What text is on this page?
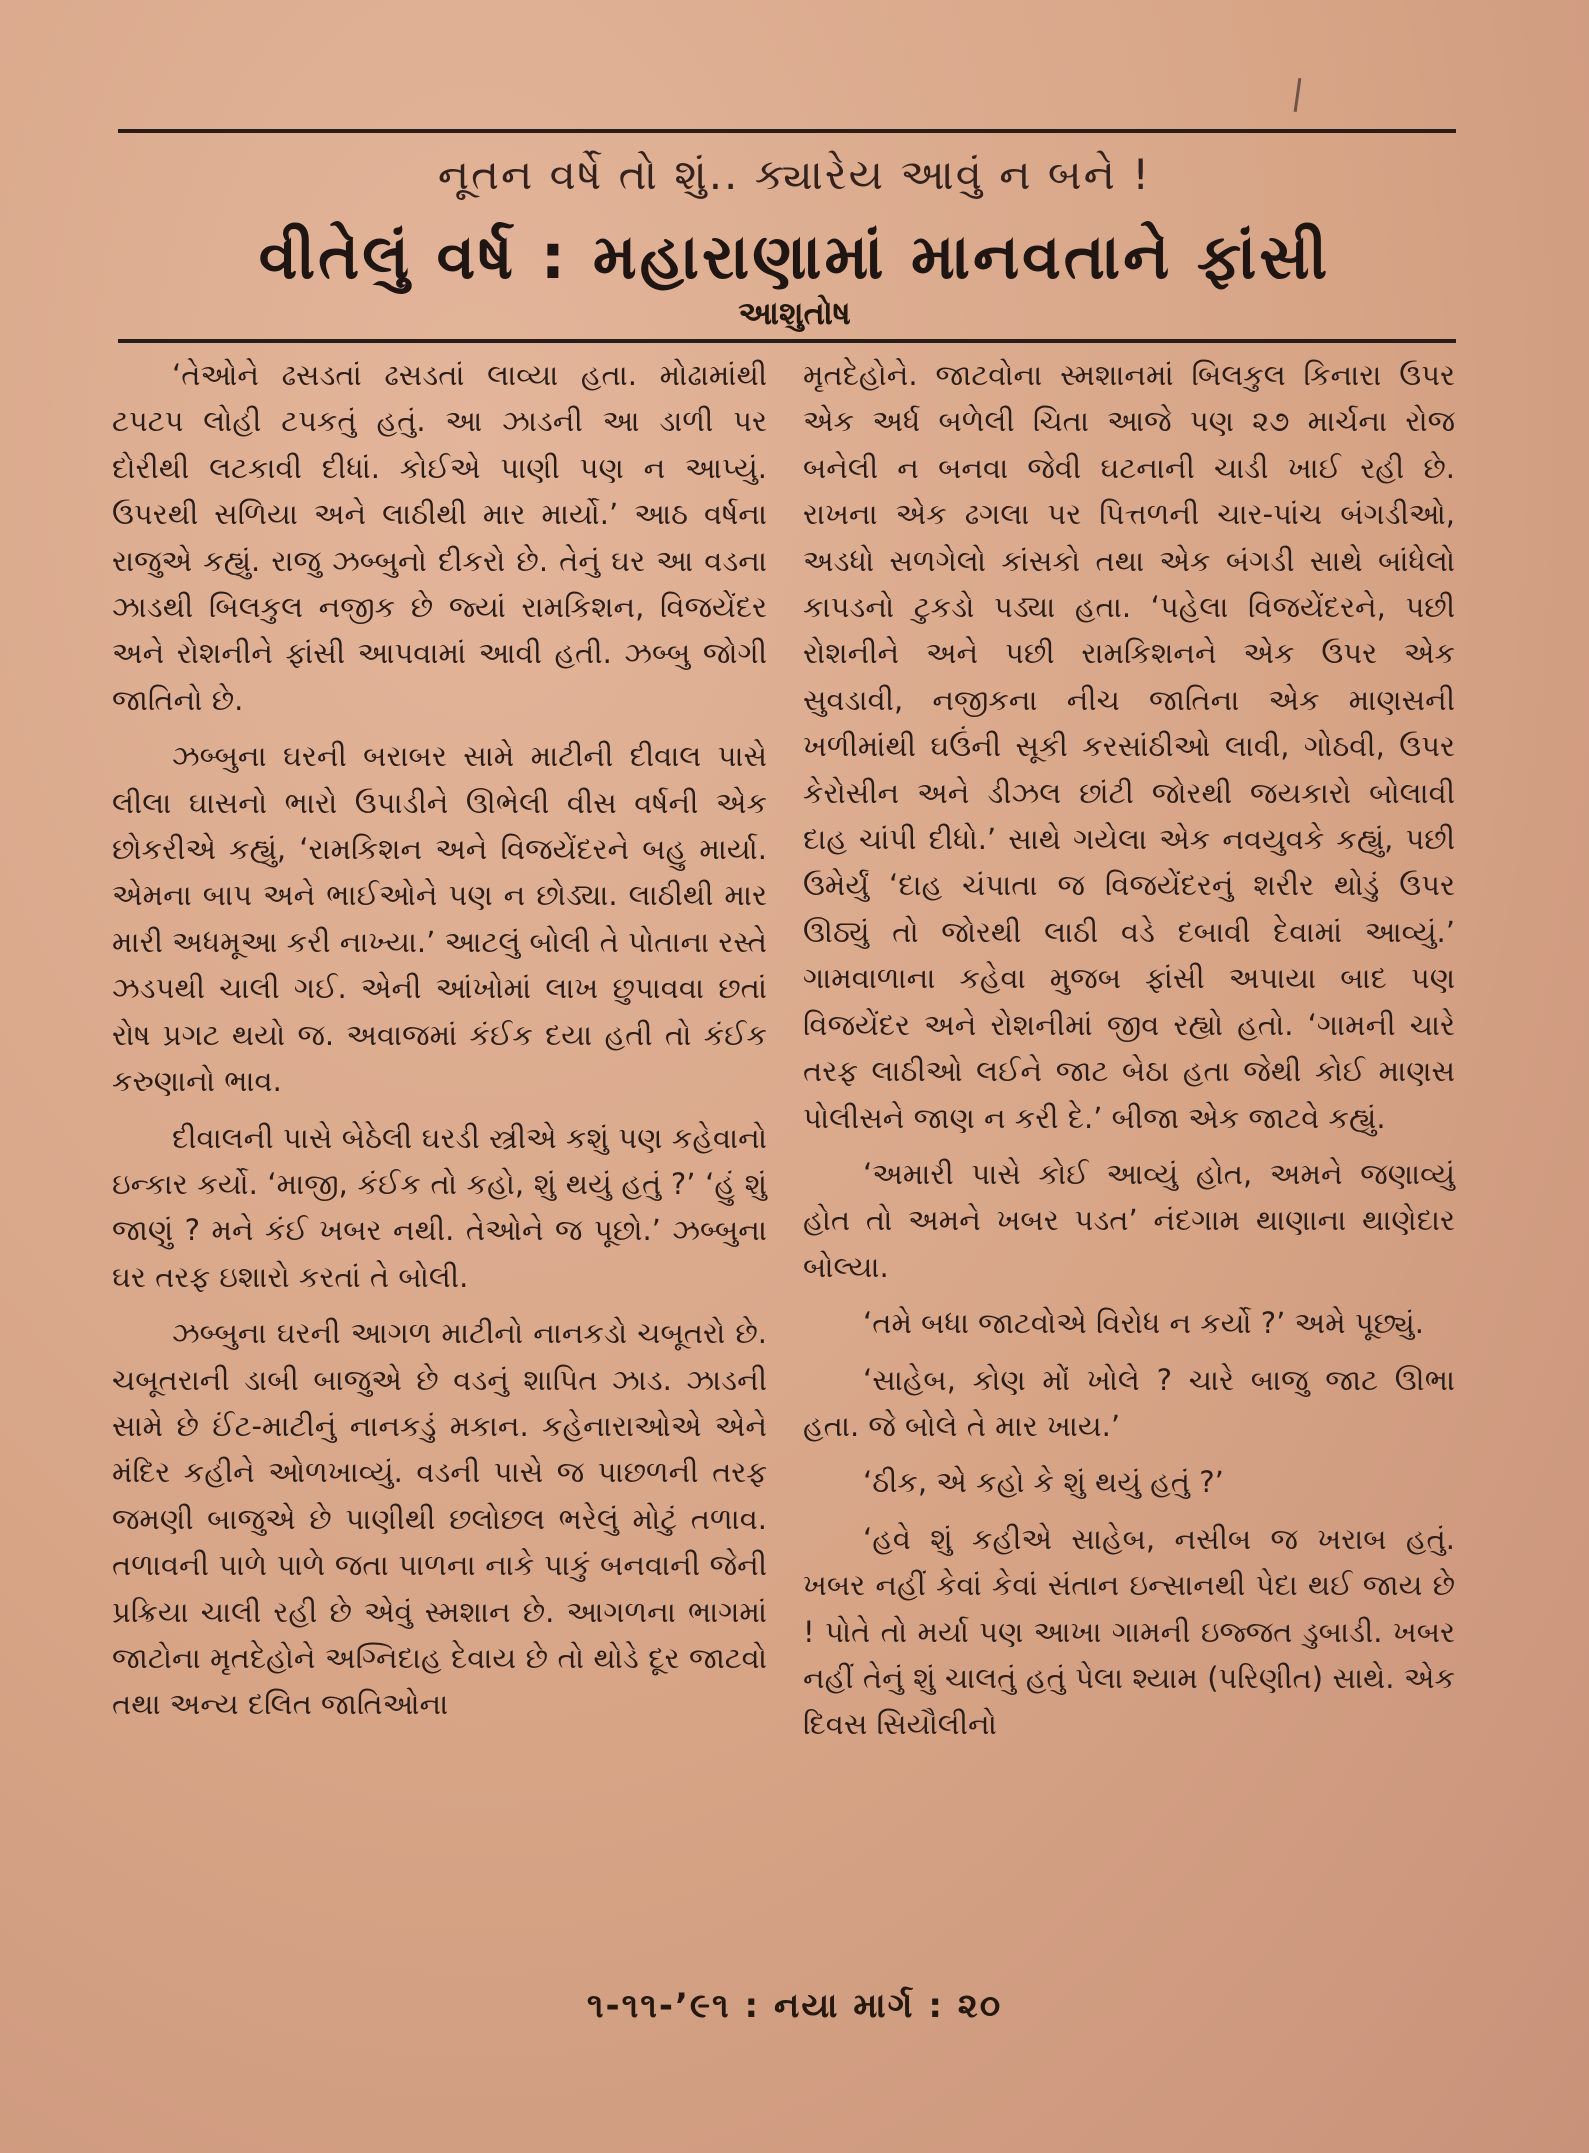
નૂતન વર્ષે તો શું.. ક્યારેય આવું ન બને !
વીતેલું વર્ષ : મહારાણામાં માનવતાને ફાંસી
આશુતોષ

‘તેઓને ઢસડતાં ઢસડતાં લાવ્યા હતા. મોઢામાંથી ટપટપ લોહી ટપકતું હતું. આ ઝાડની આ ડાળી પર દોરીથી લટકાવી દીધાં. કોઈએ પાણી પણ ન આપ્યું. ઉપરથી સળિયા અને લાઠીથી માર માર્યો.’ આઠ વર્ષના રાજુએ કહ્યું. રાજુ ઝબ્બુનો દીકરો છે. તેનું ઘર આ વડના ઝાડથી બિલકુલ નજીક છે જ્યાં રામકિશન, વિજયેંદર અને રોશનીને ફાંસી આપવામાં આવી હતી. ઝબ્બુ જોગી જાતિનો છે.

ઝબ્બુના ઘરની બરાબર સામે માટીની દીવાલ પાસે લીલા ઘાસનો ભારો ઉપાડીને ઊભેલી વીસ વર્ષની એક છોકરીએ કહ્યું, ‘રામકિશન અને વિજયેંદરને બહુ માર્યા. એમના બાપ અને ભાઈઓને પણ ન છોડ્યા. લાઠીથી માર મારી અધમૂઆ કરી નાખ્યા.’ આટલું બોલી તે પોતાના રસ્તે ઝડપથી ચાલી ગઈ. એની આંખોમાં લાખ છુપાવવા છતાં રોષ પ્રગટ થયો જ. અવાજમાં કંઈક દયા હતી તો કંઈક કરુણાનો ભાવ.

દીવાલની પાસે બેઠેલી ઘરડી સ્ત્રીએ કશું પણ કહેવાનો ઇન્કાર કર્યો. ‘માજી, કંઈક તો કહો, શું થયું હતું ?’ ‘હું શું જાણું ? મને કંઈ ખબર નથી. તેઓને જ પૂછો.’ ઝબ્બુના ઘર તરફ ઇશારો કરતાં તે બોલી.

ઝબ્બુના ઘરની આગળ માટીનો નાનકડો ચબૂતરો છે. ચબૂતરાની ડાબી બાજુએ છે વડનું શાપિત ઝાડ. ઝાડની સામે છે ઈંટ-માટીનું નાનકડું મકાન. કહેનારાઓએ એને મંદિર કહીને ઓળખાવ્યું. વડની પાસે જ પાછળની તરફ જમણી બાજુએ છે પાણીથી છલોછલ ભરેલું મોટું તળાવ. તળાવની પાળે પાળે જતા પાળના નાકે પાકું બનવાની જેની પ્રક્રિયા ચાલી રહી છે એવું સ્મશાન છે. આગળના ભાગમાં જાટોના મૃતદેહોને અગ્નિદાહ દેવાય છે તો થોડે દૂર જાટવો તથા અન્ય દલિત જાતિઓના

મૃતદેહોને. જાટવોના સ્મશાનમાં બિલકુલ કિનારા ઉપર એક અર્ધ બળેલી ચિતા આજે પણ ૨૭ માર્ચના રોજ બનેલી ન બનવા જેવી ઘટનાની ચાડી ખાઈ રહી છે. રાખના એક ઢગલા પર પિત્તળની ચાર-પાંચ બંગડીઓ, અડધો સળગેલો કાંસકો તથા એક બંગડી સાથે બાંધેલો કાપડનો ટુકડો પડ્યા હતા. ‘પહેલા વિજયેંદરને, પછી રોશનીને અને પછી રામકિશનને એક ઉપર એક સુવડાવી, નજીકના નીચ જાતિના એક માણસની ખળીમાંથી ઘઉંની સૂકી કરસાંઠીઓ લાવી, ગોઠવી, ઉપર કેરોસીન અને ડીઝલ છાંટી જોરથી જયકારો બોલાવી દાહ ચાંપી દીધો.’ સાથે ગયેલા એક નવયુવકે કહ્યું, પછી ઉમેર્યું ‘દાહ ચંપાતા જ વિજયેંદરનું શરીર થોડું ઉપર ઊઠ્યું તો જોરથી લાઠી વડે દબાવી દેવામાં આવ્યું.’ ગામવાળાના કહેવા મુજબ ફાંસી અપાયા બાદ પણ વિજયેંદર અને રોશનીમાં જીવ રહ્યો હતો. ‘ગામની ચારે તરફ લાઠીઓ લઈને જાટ બેઠા હતા જેથી કોઈ માણસ પોલીસને જાણ ન કરી દે.’ બીજા એક જાટવે કહ્યું.

‘અમારી પાસે કોઈ આવ્યું હોત, અમને જણાવ્યું હોત તો અમને ખબર પડત’ નંદગામ થાણાના થાણેદાર બોલ્યા.

‘તમે બધા જાટવોએ વિરોધ ન કર્યો ?’ અમે પૂછ્યું.

‘સાહેબ, કોણ મોં ખોલે ? ચારે બાજુ જાટ ઊભા હતા. જે બોલે તે માર ખાય.’

‘ઠીક, એ કહો કે શું થયું હતું ?’

‘હવે શું કહીએ સાહેબ, નસીબ જ ખરાબ હતું. ખબર નહીં કેવાં કેવાં સંતાન ઇન્સાનથી પેદા થઈ જાય છે ! પોતે તો મર્યા પણ આખા ગામની ઇજ્જત ડુબાડી. ખબર નહીં તેનું શું ચાલતું હતું પેલા શ્યામ (પરિણીત) સાથે. એક દિવસ સિયૌલીનો

૧-૧૧-’૯૧ : નયા માર્ગ : ૨૦
